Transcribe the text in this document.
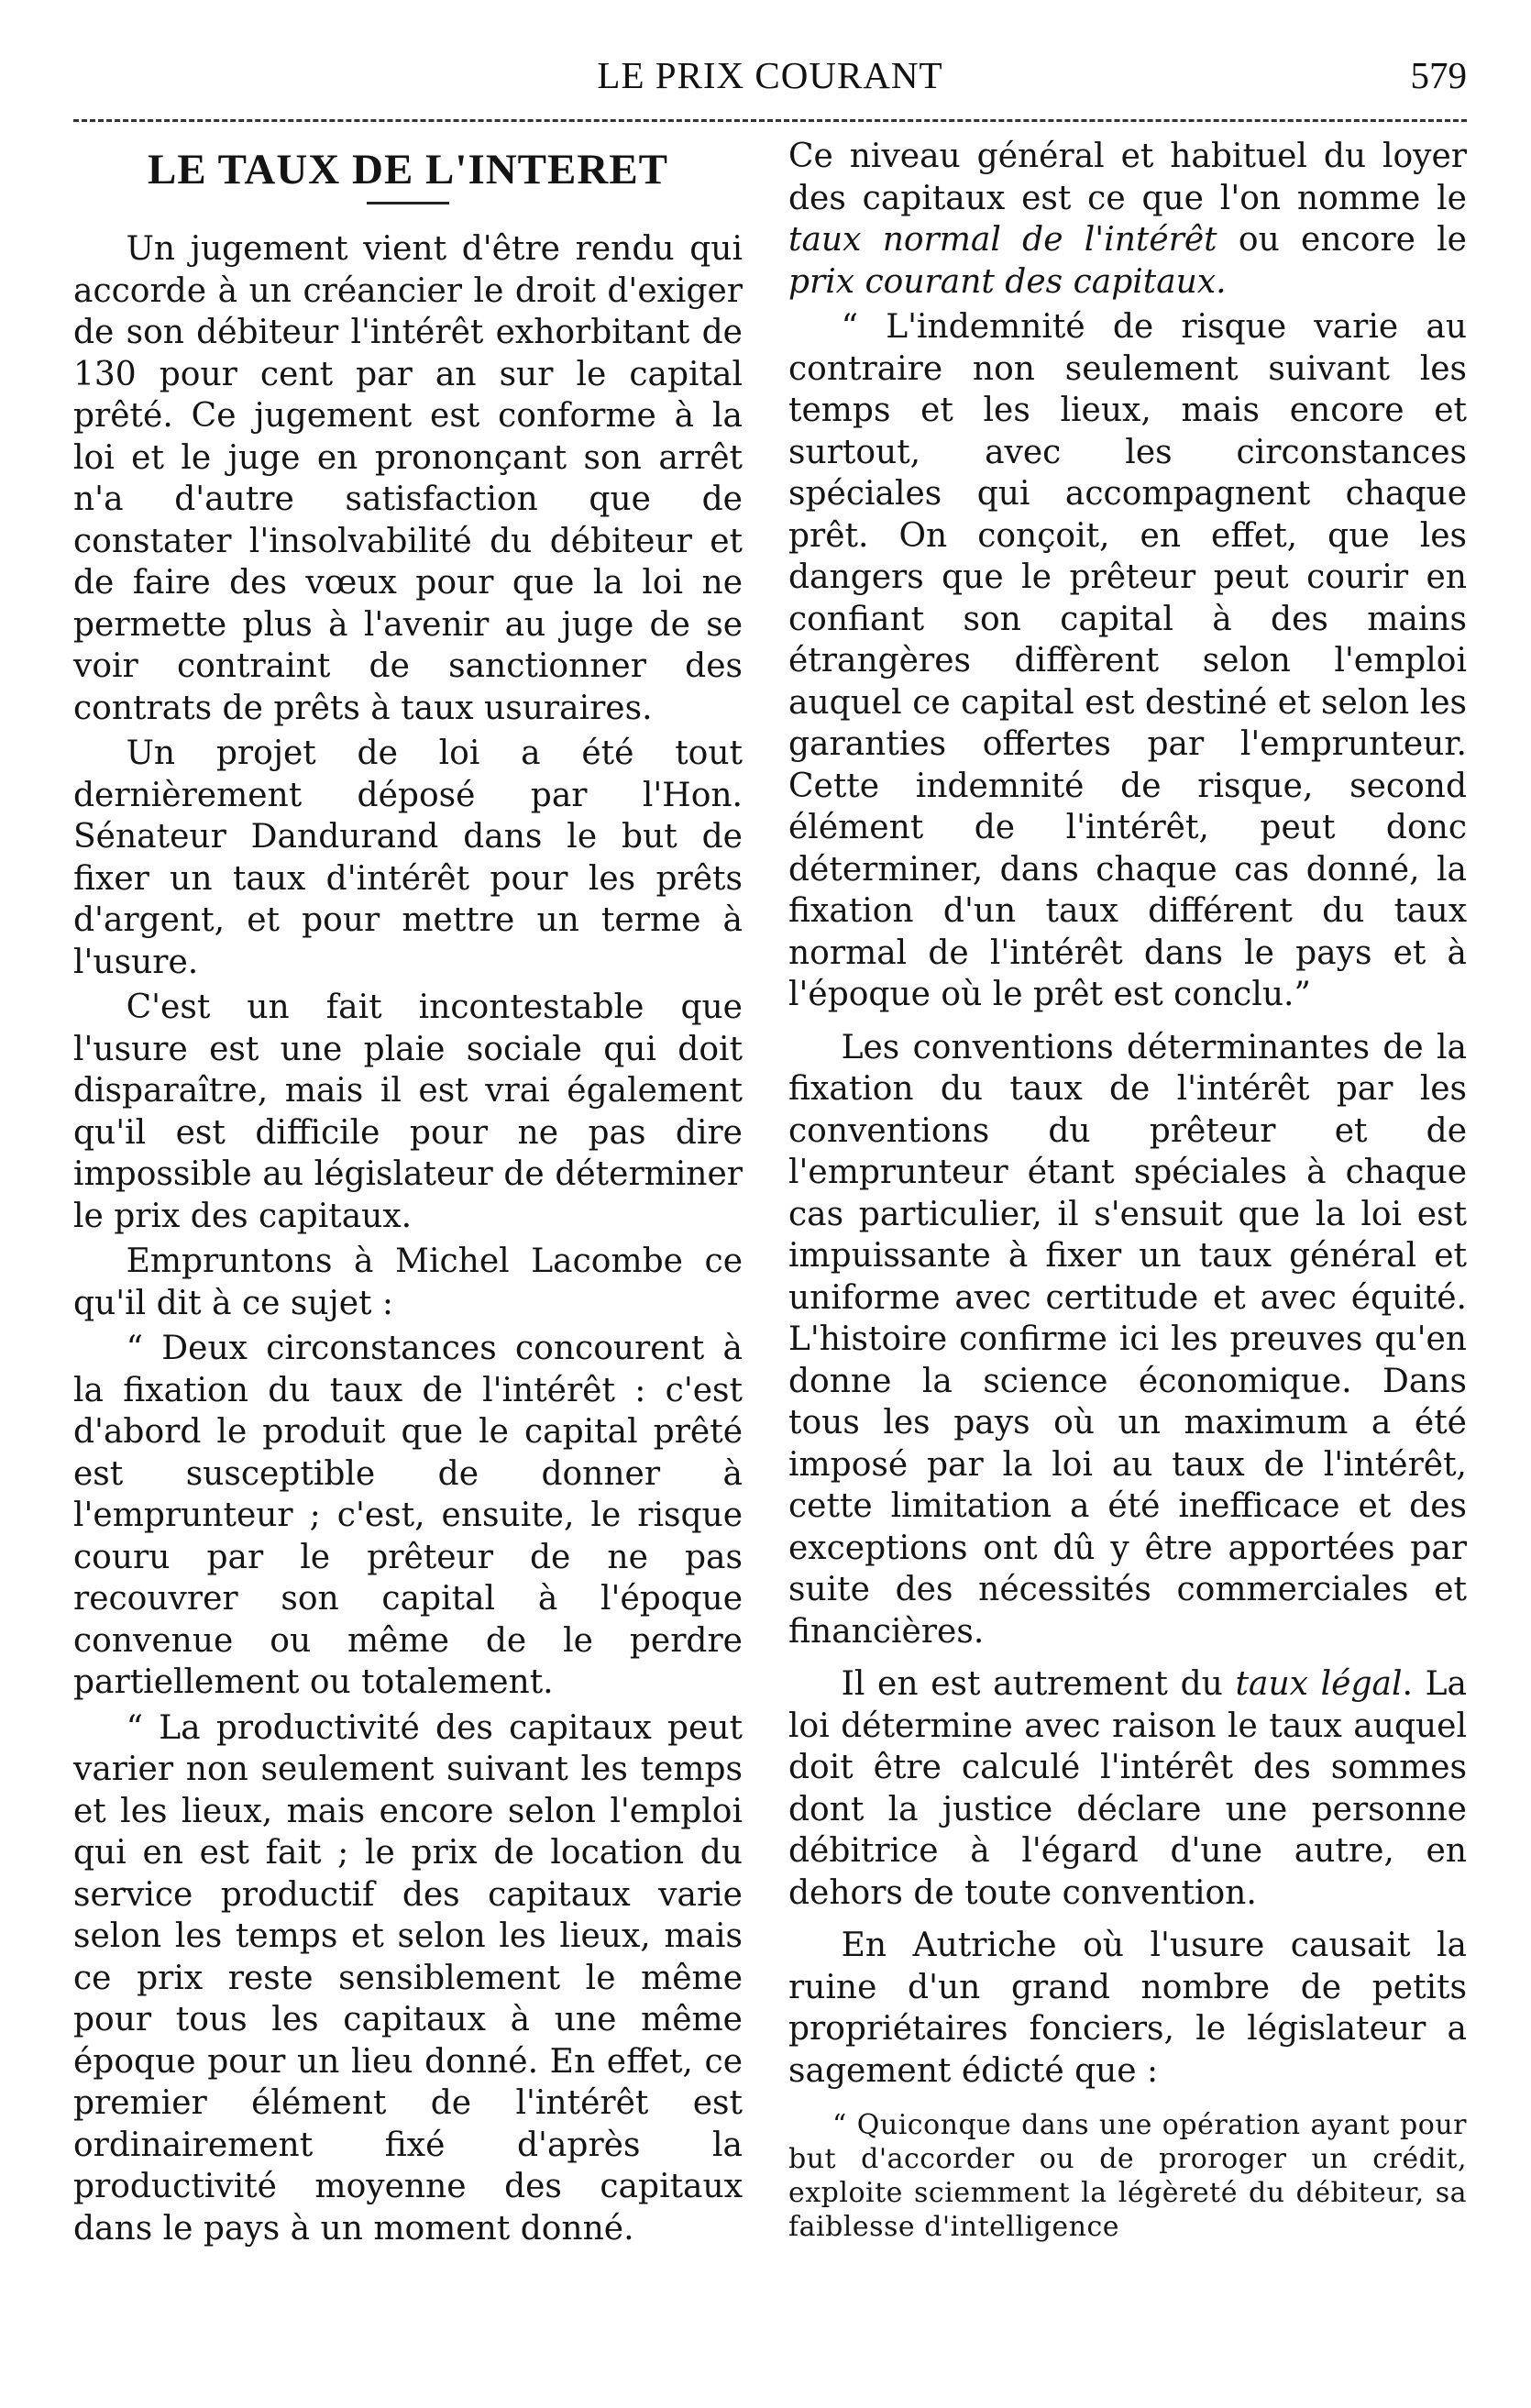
LE PRIX COURANT	579
LE TAUX DE L'INTERET

Un jugement vient d'être rendu qui accorde à un créancier le droit d'exiger de son débiteur l'intérêt exhorbitant de 130 pour cent par an sur le capital prêté. Ce jugement est conforme à la loi et le juge en prononçant son arrêt n'a d'autre satisfaction que de constater l'insolvabilité du débiteur et de faire des vœux pour que la loi ne permette plus à l'avenir au juge de se voir contraint de sanctionner des contrats de prêts à taux usuraires.

Un projet de loi a été tout dernièrement déposé par l'Hon. Sénateur Dandurand dans le but de fixer un taux d'intérêt pour les prêts d'argent, et pour mettre un terme à l'usure.

C'est un fait incontestable que l'usure est une plaie sociale qui doit disparaître, mais il est vrai également qu'il est difficile pour ne pas dire impossible au législateur de déterminer le prix des capitaux.

Empruntons à Michel Lacombe ce qu'il dit à ce sujet :

“ Deux circonstances concourent à la fixation du taux de l'intérêt : c'est d'abord le produit que le capital prêté est susceptible de donner à l'emprunteur ; c'est, ensuite, le risque couru par le prêteur de ne pas recouvrer son capital à l'époque convenue ou même de le perdre partiellement ou totalement.

“ La productivité des capitaux peut varier non seulement suivant les temps et les lieux, mais encore selon l'emploi qui en est fait ; le prix de location du service productif des capitaux varie selon les temps et selon les lieux, mais ce prix reste sensiblement le même pour tous les capitaux à une même époque pour un lieu donné. En effet, ce premier élément de l'intérêt est ordinairement fixé d'après la productivité moyenne des capitaux dans le pays à un moment donné.

Ce niveau général et habituel du loyer des capitaux est ce que l'on nomme le taux normal de l'intérêt ou encore le prix courant des capitaux.

“ L'indemnité de risque varie au contraire non seulement suivant les temps et les lieux, mais encore et surtout, avec les circonstances spéciales qui accompagnent chaque prêt. On conçoit, en effet, que les dangers que le prêteur peut courir en confiant son capital à des mains étrangères diffèrent selon l'emploi auquel ce capital est destiné et selon les garanties offertes par l'emprunteur. Cette indemnité de risque, second élément de l'intérêt, peut donc déterminer, dans chaque cas donné, la fixation d'un taux différent du taux normal de l'intérêt dans le pays et à l'époque où le prêt est conclu.”

Les conventions déterminantes de la fixation du taux de l'intérêt par les conventions du prêteur et de l'emprunteur étant spéciales à chaque cas particulier, il s'ensuit que la loi est impuissante à fixer un taux général et uniforme avec certitude et avec équité. L'histoire confirme ici les preuves qu'en donne la science économique. Dans tous les pays où un maximum a été imposé par la loi au taux de l'intérêt, cette limitation a été inefficace et des exceptions ont dû y être apportées par suite des nécessités commerciales et financières.

Il en est autrement du taux légal. La loi détermine avec raison le taux auquel doit être calculé l'intérêt des sommes dont la justice déclare une personne débitrice à l'égard d'une autre, en dehors de toute convention.

En Autriche où l'usure causait la ruine d'un grand nombre de petits propriétaires fonciers, le législateur a sagement édicté que :

“ Quiconque dans une opération ayant pour but d'accorder ou de proroger un crédit, exploite sciemment la légèreté du débiteur, sa faiblesse d'intelligence
